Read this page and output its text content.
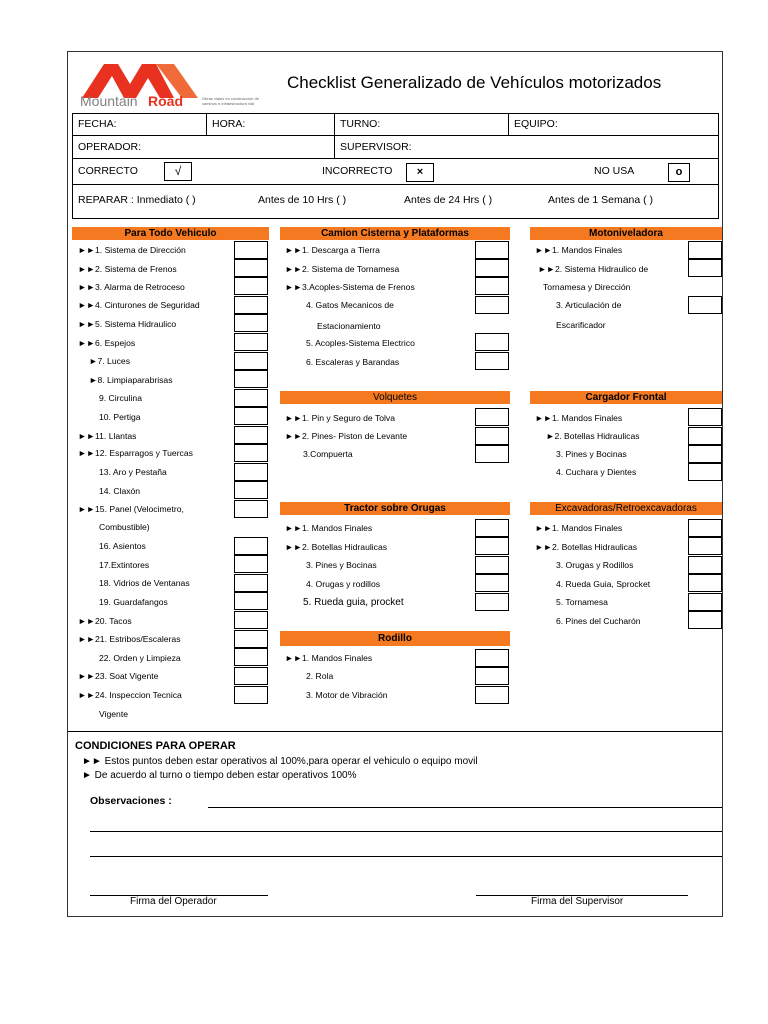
Mountain Road	Obras viales en construcción de caminos e infraestructura vial
Checklist Generalizado de Vehículos motorizados
FECHA:	HORA:	TURNO:	EQUIPO:
OPERADOR:	SUPERVISOR:
CORRECTO	√	INCORRECTO	×	NO USA	o
REPARAR : Inmediato ( )	Antes de 10 Hrs ( )	Antes de 24 Hrs ( )	Antes de 1 Semana ( )
Para Todo Vehiculo
►►1. Sistema de Dirección
►►2. Sistema de Frenos
►►3. Alarma de Retroceso
►►4. Cinturones de Seguridad
►►5. Sistema Hidraulico
►►6. Espejos
►7. Luces
►8. Limpiaparabrisas
9. Circulina
10. Pertiga
►►11. Llantas
►►12. Esparragos y Tuercas
13. Aro y Pestaña
14. Claxón
►►15. Panel (Velocimetro,
Combustible)
16. Asientos
17.Extintores
18. Vidrios de Ventanas
19. Guardafangos
►►20. Tacos
►►21. Estribos/Escaleras
22. Orden y Limpieza
►►23. Soat Vigente
►►24. Inspeccion Tecnica
Vigente
Camion Cisterna y Plataformas
►►1. Descarga a Tierra
►►2. Sistema de Tornamesa
►►3.Acoples-Sistema de Frenos
4. Gatos Mecanicos de
Estacionamiento
5. Acoples-Sistema Electrico
6. Escaleras y Barandas
Volquetes
►►1. Pin y Seguro de Tolva
►►2. Pines- Piston de Levante
3.Compuerta
Tractor sobre Orugas
►►1. Mandos Finales
►►2. Botellas Hidraulicas
3. Pines y Bocinas
4. Orugas y rodillos
5. Rueda guia, procket
Rodillo
►►1. Mandos Finales
2. Rola
3. Motor de Vibración
Motoniveladora
►►1. Mandos Finales
►►2. Sistema Hidraulico de
Tornamesa y Dirección
3. Articulación de
Escarificador
Cargador Frontal
►►1. Mandos Finales
►2. Botellas Hidraulicas
3. Pines y Bocinas
4. Cuchara y Dientes
Excavadoras/Retroexcavadoras
►►1. Mandos Finales
►►2. Botellas Hidraulicas
3. Orugas y Rodillos
4. Rueda Guia, Sprocket
5. Tornamesa
6. Pines del Cucharón
CONDICIONES PARA OPERAR
►► Estos puntos deben estar operativos al 100%,para operar el vehiculo o equipo movil
► De acuerdo al turno o tiempo deben estar operativos 100%
Observaciones :
Firma del Operador	Firma del Supervisor
